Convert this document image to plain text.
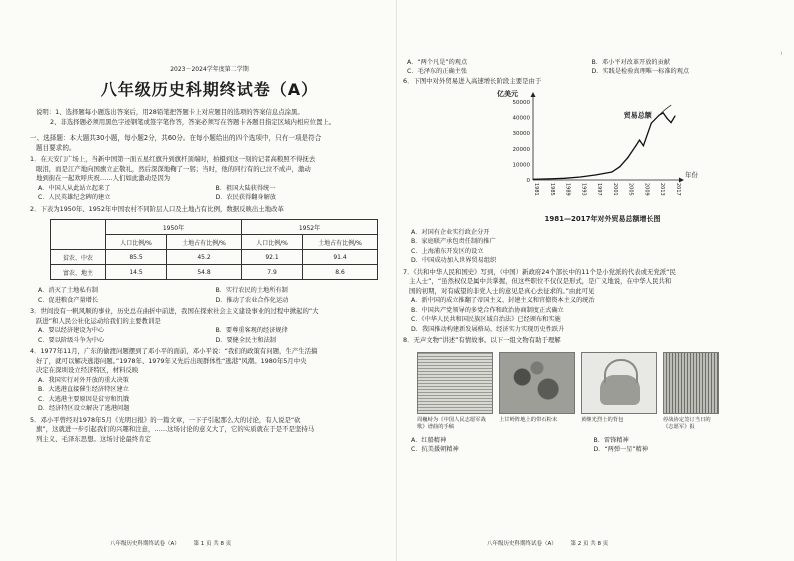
ı
2023－2024学年度第二学期
八年级历史科期终试卷（A）
说明：1、选择题每小题选出答案后，用28铅笔把答题卡上对应题目的选项的答案信息点涂黑。
2、非选择题必须用黑色字迹钢笔或签字笔作答，答案必须写在答题卡各题目指定区域内相应位置上。
一、选择题：本大题共30小题，每小题2分，共60分。在每小题给出的四个选项中，只有一项是符合
题目要求的。
1．在天安门广场上，当新中国第一面五星红旗升到旗杆顶端时，拍摄到这一刻的记者高粮照不得抚去
眼泪，而是江产地向国旗立正敬礼，然后深深地鞠了一躬；当时，他的同行有的已泣不成声，激动
地到街在一起欢呼庆祝……人们如此激动是因为
A．中国人从此站立起来了	B．祖国大陆获得统一
C．人民英雄纪念碑的建立	D．农民获得翻身解放
2．下表为1950年、1952年中国农村不同阶层人口及土地占有比例，数据反映出土地改革
	1950年		1952年	
	人口比例/%	土地占有比例/%	人口比例/%	土地占有比例/%
贫农、中农	85.5	45.2	92.1	91.4
富农、地主	14.5	54.8	7.9	8.6
A．消灭了土地私有制	B．实行农民的土地所有制
C．促进粮食产量增长	D．推动了农业合作化运动
3．世间没有一帆风顺的事业，历史总在曲折中前进，我国在探索社会主义建设事业的过程中掀起的“大
跃进”和人民公社化运动给我们的主要教训是
A．要以经济建设为中心	B．要尊重客观的经济规律
C．要以阶级斗争为中心	D．要健全民主和法制
4．1977年11月，广东的偷渡问题摆到了邓小平的面前，邓小平说：“我们的政策有问题，生产生活搞
好了，就可以解决逃港问题。”1978年、1979年又先后出现群体性“逃港”风潮。1980年5月中央
决定在深圳设立经济特区，材料反映
A．我国实行对外开放的重大决策
B．大逃港直接催生经济特区建立
C．大逃港主要原因是贫穷和饥饿
D．经济特区设立解决了逃港问题
5．邓小平曾经对1978年5月《光明日报》的一篇文章，一下子引起那么大的讨论，有人说是“砍
旗”，这就进一步引起我们的兴趣和注意，……这场讨论的意义大了，它的实质就在于是不是坚持马
列主义、毛泽东思想。这场讨论最终肯定
八年级历史科期终试卷（A）　　　第 1 页 共 8 页
A．“两个凡是”的观点	B．邓小平对改革开放的贡献
C．毛泽东的正确主张	D．实践是检验真理唯一标准的观点
6．下图中对外贸易进入高速增长阶段主要是由于
亿美元
年份
0
10000
20000
30000
40000
50000
1981 1985 1989 1993 1997 2001 2005 2009 2013 2017
贸易总额
1981—2017年对外贸易总额增长图
A．对国有企业实行政企分开
B．家庭联产承包责任制的推广
C．上海浦东开发区的设立
D．中国成功加入世界贸易组织
7．《共和中华人民和国史》写到，（中国）新政府24个部长中的11个是小党派的代表或无党派“民
主人士”，“虽然权仅是属中共掌握，但这些职位不仅仅是形式，是广义地说，在中华人民共和
国的初期，对有威望的非党人士的意见是真心去征求的。”由此可见
A．新中国的成立推翻了帝国主义、封建主义和官僚资本主义的统治
B．中国共产党领导的多党合作和政治协商制度正式确立
C．《中华人民共和国民族区域自治法》已经颁布和实施
D．我国推动构建新发展格局，经济实力实现历史性跃升
8．无声文物“讲述”有情故事。以下一组文物有助于理解
周巍峙为《中国人民志愿军战歌》谱曲的手稿
上甘岭阵地上的带石粉末	黄继光烈士的背包	停战协定签订当日的《志愿军》报
A．红船精神	B．雷锋精神
C．抗美援朝精神	D．“两弹一星”精神
八年级历史科期终试卷（A）　　　第 2 页 共 8 页
